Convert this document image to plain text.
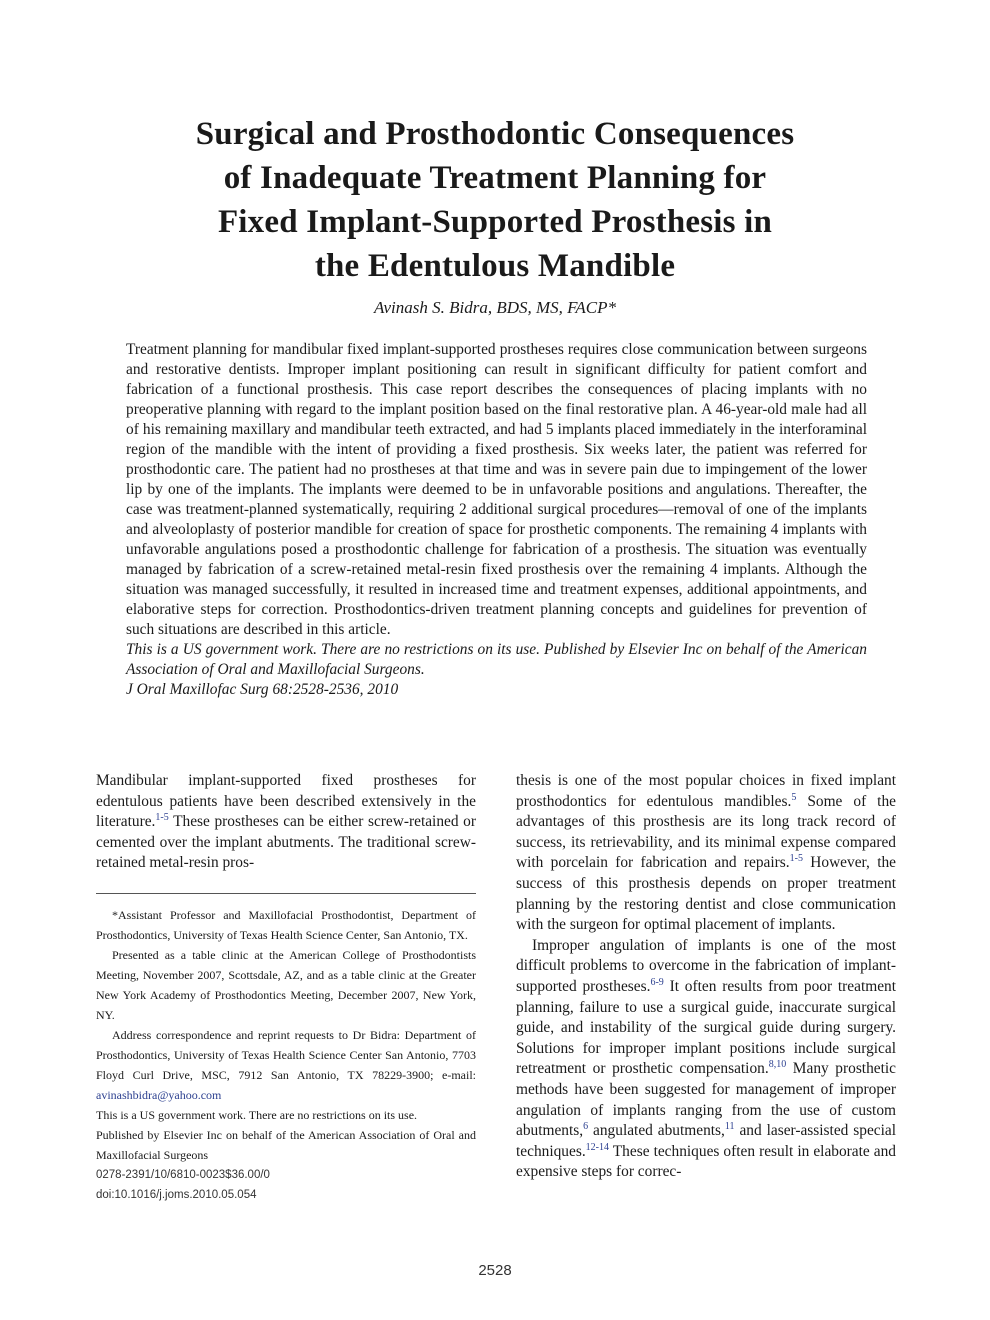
Surgical and Prosthodontic Consequences
of Inadequate Treatment Planning for
Fixed Implant-Supported Prosthesis in
the Edentulous Mandible
Avinash S. Bidra, BDS, MS, FACP*

Treatment planning for mandibular fixed implant-supported prostheses requires close communication between surgeons and restorative dentists. Improper implant positioning can result in significant difficulty for patient comfort and fabrication of a functional prosthesis. This case report describes the consequences of placing implants with no preoperative planning with regard to the implant position based on the final restorative plan. A 46-year-old male had all of his remaining maxillary and mandibular teeth extracted, and had 5 implants placed immediately in the interforaminal region of the mandible with the intent of providing a fixed prosthesis. Six weeks later, the patient was referred for prosthodontic care. The patient had no prostheses at that time and was in severe pain due to impingement of the lower lip by one of the implants. The implants were deemed to be in unfavorable positions and angulations. Thereafter, the case was treatment-planned systematically, requiring 2 additional surgical procedures—removal of one of the implants and alveoloplasty of posterior mandible for creation of space for prosthetic components. The remaining 4 implants with unfavorable angulations posed a prosthodontic challenge for fabrication of a prosthesis. The situation was eventually managed by fabrication of a screw-retained metal-resin fixed prosthesis over the remaining 4 implants. Although the situation was managed successfully, it resulted in increased time and treatment expenses, additional appointments, and elaborative steps for correction. Prosthodontics-driven treatment planning concepts and guidelines for prevention of such situations are described in this article.

This is a US government work. There are no restrictions on its use. Published by Elsevier Inc on behalf of the American Association of Oral and Maxillofacial Surgeons.

J Oral Maxillofac Surg 68:2528-2536, 2010

Mandibular implant-supported fixed prostheses for edentulous patients have been described extensively in the literature.$^{1-5}$ These prostheses can be either screw-retained or cemented over the implant abutments. The traditional screw-retained metal-resin pros-

*Assistant Professor and Maxillofacial Prosthodontist, Department of Prosthodontics, University of Texas Health Science Center, San Antonio, TX.

Presented as a table clinic at the American College of Prosthodontists Meeting, November 2007, Scottsdale, AZ, and as a table clinic at the Greater New York Academy of Prosthodontics Meeting, December 2007, New York, NY.

Address correspondence and reprint requests to Dr Bidra: Department of Prosthodontics, University of Texas Health Science Center San Antonio, 7703 Floyd Curl Drive, MSC, 7912 San Antonio, TX 78229-3900; e-mail: avinashbidra@yahoo.com

This is a US government work. There are no restrictions on its use.

Published by Elsevier Inc on behalf of the American Association of Oral and Maxillofacial Surgeons

0278-2391/10/6810-0023$36.00/0

doi:10.1016/j.joms.2010.05.054

thesis is one of the most popular choices in fixed implant prosthodontics for edentulous mandibles.$^5$ Some of the advantages of this prosthesis are its long track record of success, its retrievability, and its minimal expense compared with porcelain for fabrication and repairs.$^{1-5}$ However, the success of this prosthesis depends on proper treatment planning by the restoring dentist and close communication with the surgeon for optimal placement of implants.

Improper angulation of implants is one of the most difficult problems to overcome in the fabrication of implant-supported prostheses.$^{6-9}$ It often results from poor treatment planning, failure to use a surgical guide, inaccurate surgical guide, and instability of the surgical guide during surgery. Solutions for improper implant positions include surgical retreatment or prosthetic compensation.$^{8,10}$ Many prosthetic methods have been suggested for management of improper angulation of implants ranging from the use of custom abutments,$^6$ angulated abutments,$^{11}$ and laser-assisted special techniques.$^{12-14}$ These techniques often result in elaborate and expensive steps for correc-

2528
